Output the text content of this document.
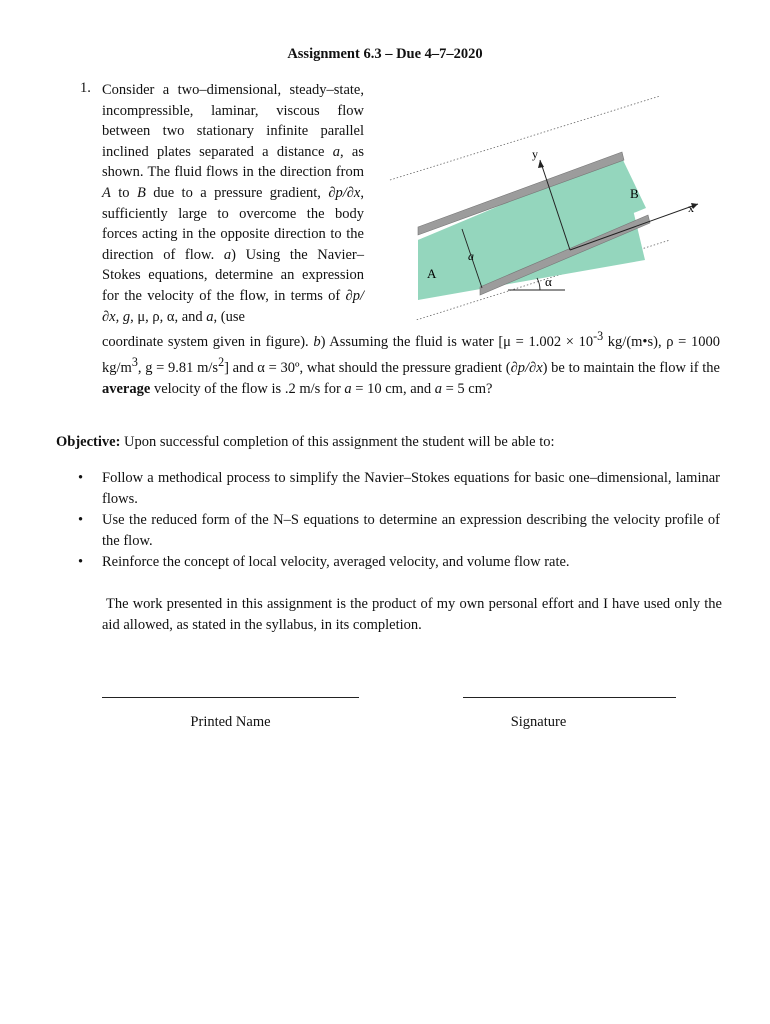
Assignment 6.3 – Due 4–7–2020
1. Consider a two–dimensional, steady–state, incompressible, laminar, viscous flow between two stationary infinite parallel inclined plates separated a distance a, as shown. The fluid flows in the direction from A to B due to a pressure gradient, ∂p/∂x, sufficiently large to overcome the body forces acting in the opposite direction to the direction of flow. a) Using the Navier–Stokes equations, determine an expression for the velocity of the flow, in terms of ∂p/∂x, g, μ, ρ, α, and a, (use
y
x
B
A
a
α
coordinate system given in figure). b) Assuming the fluid is water [$\mu = 1.002 \times 10^{-3}$ kg/(m•s), ρ = 1000 $kg/m^3$, g = 9.81 $m/s^2$] and α = 30º, what should the pressure gradient (∂p/∂x) be to maintain the flow if the average velocity of the flow is .2 m/s for a = 10 cm, and a = 5 cm?
Objective: Upon successful completion of this assignment the student will be able to:
• Follow a methodical process to simplify the Navier–Stokes equations for basic one–dimensional, laminar flows.
• Use the reduced form of the N–S equations to determine an expression describing the velocity profile of the flow.
• Reinforce the concept of local velocity, averaged velocity, and volume flow rate.
The work presented in this assignment is the product of my own personal effort and I have used only the aid allowed, as stated in the syllabus, in its completion.
Printed Name	Signature
